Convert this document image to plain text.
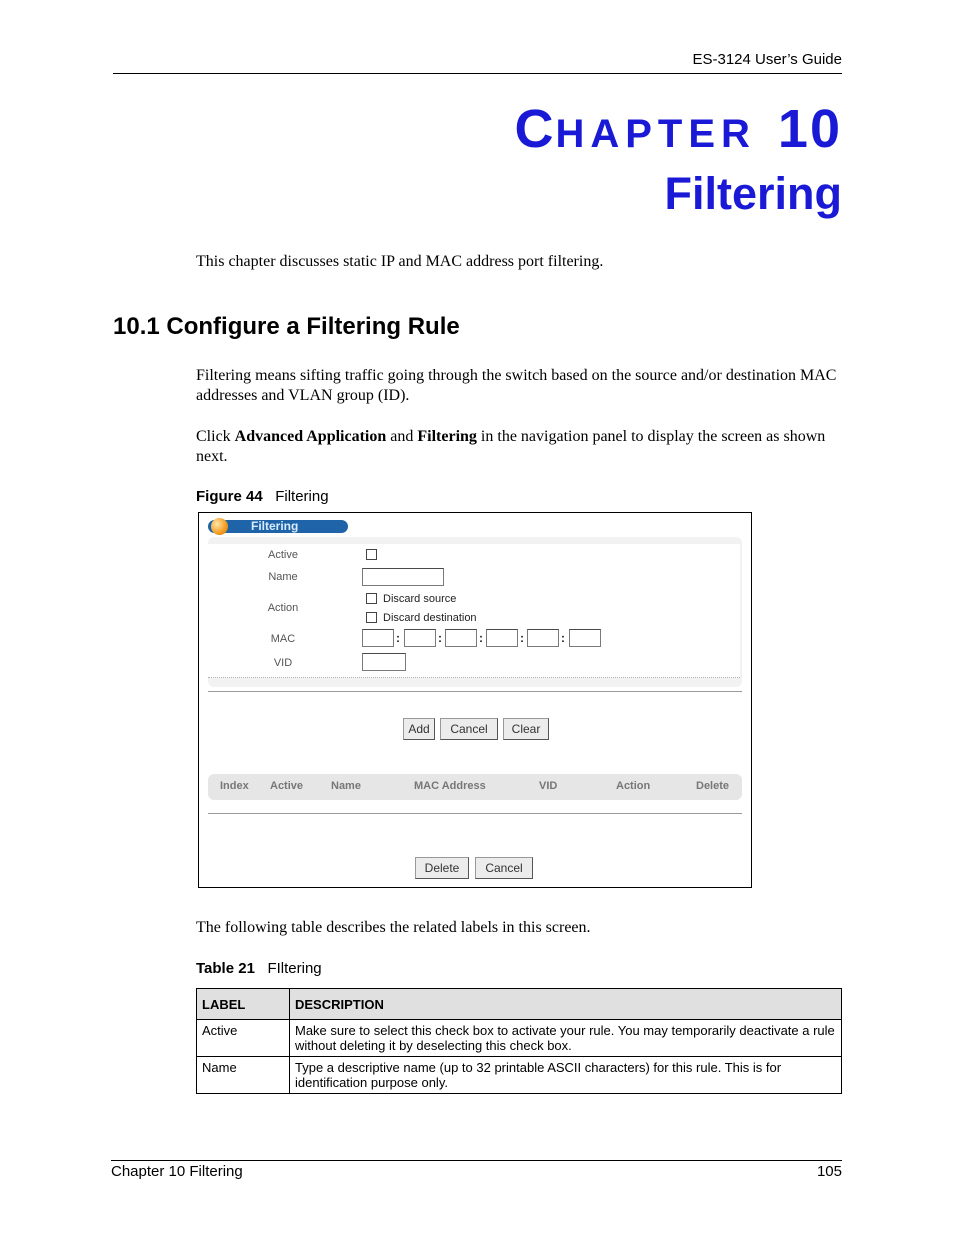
ES-3124 User’s Guide
CHAPTER 10
Filtering
This chapter discusses static IP and MAC address port filtering.
10.1 Configure a Filtering Rule
Filtering means sifting traffic going through the switch based on the source and/or destination MAC addresses and VLAN group (ID).
Click Advanced Application and Filtering in the navigation panel to display the screen as shown next.
Figure 44 Filtering
Filtering
Active
Name
Action
Discard source
Discard destination
MAC	:	:	:	:	:
VID
Add	Cancel	Clear
Index Active	Name	MAC Address	VID	Action	Delete
Delete	Cancel
The following table describes the related labels in this screen.
Table 21 FIltering
LABEL	DESCRIPTION
Active	Make sure to select this check box to activate your rule. You may temporarily deactivate a rule without deleting it by deselecting this check box.
Name	Type a descriptive name (up to 32 printable ASCII characters) for this rule. This is for identification purpose only.
Chapter 10 Filtering	105
